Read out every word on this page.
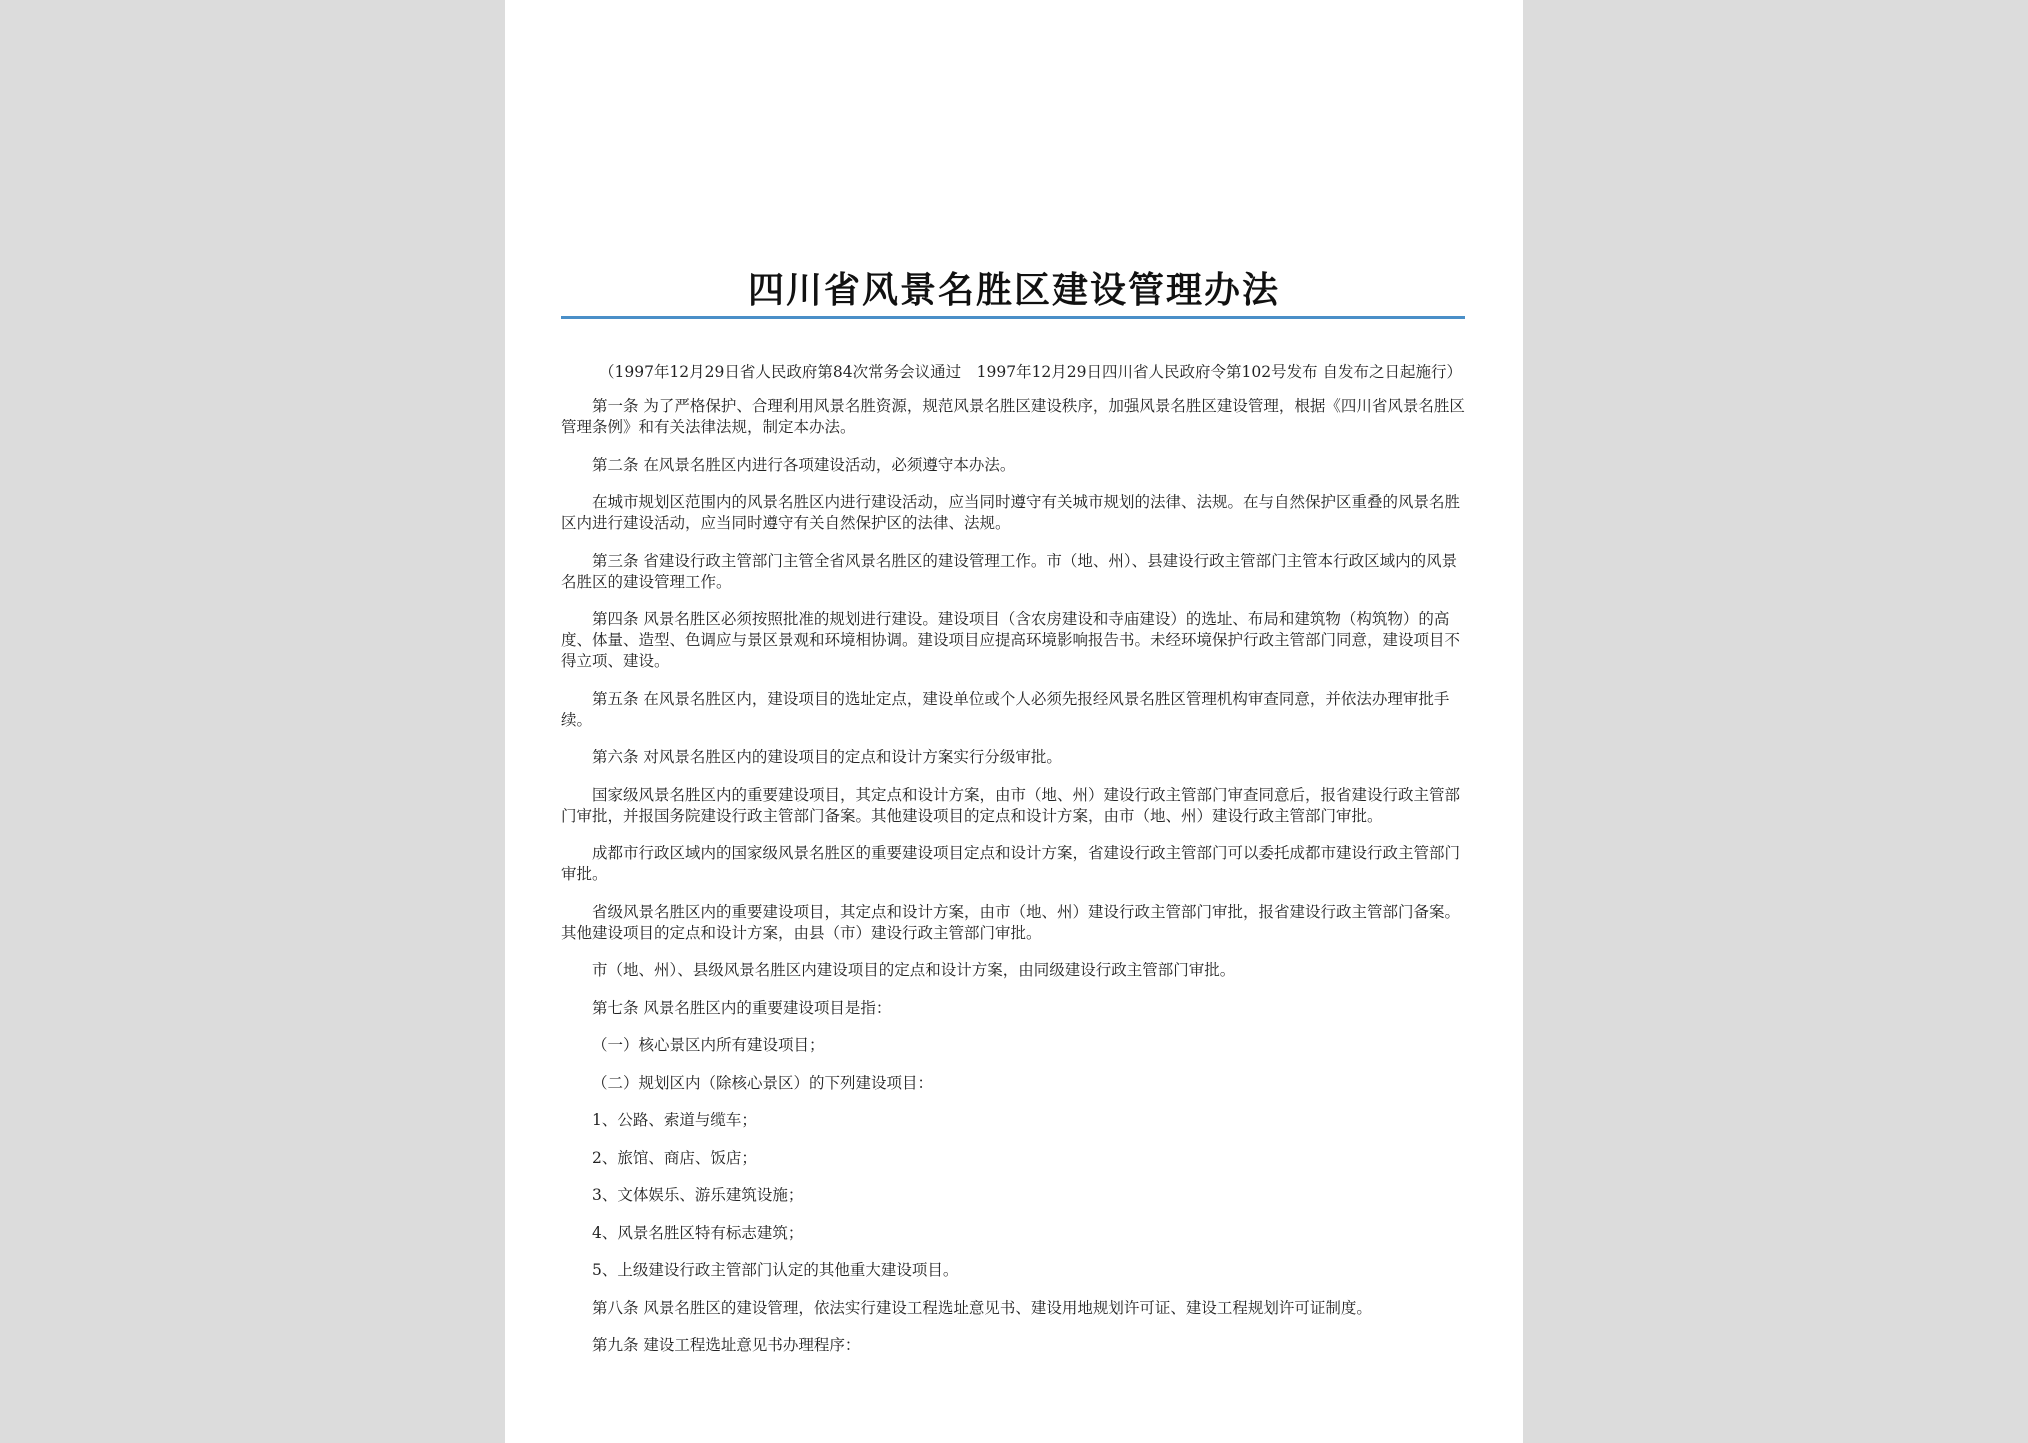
四川省风景名胜区建设管理办法

（1997年12月29日省人民政府第84次常务会议通过　1997年12月29日四川省人民政府令第102号发布 自发布之日起施行）

第一条 为了严格保护、合理利用风景名胜资源，规范风景名胜区建设秩序，加强风景名胜区建设管理，根据《四川省风景名胜区管理条例》和有关法律法规，制定本办法。

第二条 在风景名胜区内进行各项建设活动，必须遵守本办法。

在城市规划区范围内的风景名胜区内进行建设活动，应当同时遵守有关城市规划的法律、法规。在与自然保护区重叠的风景名胜区内进行建设活动，应当同时遵守有关自然保护区的法律、法规。

第三条 省建设行政主管部门主管全省风景名胜区的建设管理工作。市（地、州）、县建设行政主管部门主管本行政区域内的风景名胜区的建设管理工作。

第四条 风景名胜区必须按照批准的规划进行建设。建设项目（含农房建设和寺庙建设）的选址、布局和建筑物（构筑物）的高度、体量、造型、色调应与景区景观和环境相协调。建设项目应提高环境影响报告书。未经环境保护行政主管部门同意，建设项目不得立项、建设。

第五条 在风景名胜区内，建设项目的选址定点，建设单位或个人必须先报经风景名胜区管理机构审查同意，并依法办理审批手续。

第六条 对风景名胜区内的建设项目的定点和设计方案实行分级审批。

国家级风景名胜区内的重要建设项目，其定点和设计方案，由市（地、州）建设行政主管部门审查同意后，报省建设行政主管部门审批，并报国务院建设行政主管部门备案。其他建设项目的定点和设计方案，由市（地、州）建设行政主管部门审批。

成都市行政区域内的国家级风景名胜区的重要建设项目定点和设计方案，省建设行政主管部门可以委托成都市建设行政主管部门审批。

省级风景名胜区内的重要建设项目，其定点和设计方案，由市（地、州）建设行政主管部门审批，报省建设行政主管部门备案。其他建设项目的定点和设计方案，由县（市）建设行政主管部门审批。

市（地、州）、县级风景名胜区内建设项目的定点和设计方案，由同级建设行政主管部门审批。

第七条 风景名胜区内的重要建设项目是指：

（一）核心景区内所有建设项目；

（二）规划区内（除核心景区）的下列建设项目：

1、公路、索道与缆车；

2、旅馆、商店、饭店；

3、文体娱乐、游乐建筑设施；

4、风景名胜区特有标志建筑；

5、上级建设行政主管部门认定的其他重大建设项目。

第八条 风景名胜区的建设管理，依法实行建设工程选址意见书、建设用地规划许可证、建设工程规划许可证制度。

第九条 建设工程选址意见书办理程序：
